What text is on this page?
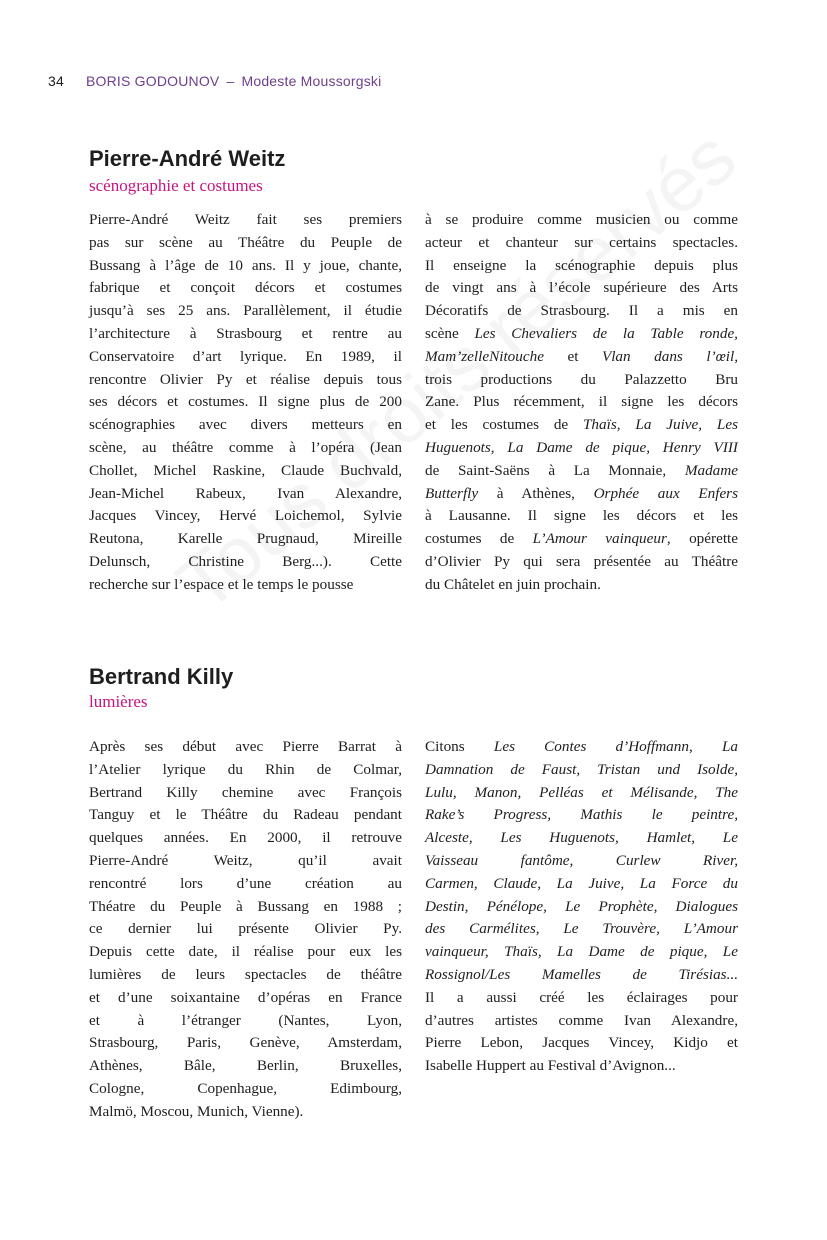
34 BORIS GODOUNOV – Modeste Moussorgski
Pierre-André Weitz
scénographie et costumes
Pierre-André Weitz fait ses premiers
pas sur scène au Théâtre du Peuple de
Bussang à l’âge de 10 ans. Il y joue, chante,
fabrique et conçoit décors et costumes
jusqu’à ses 25 ans. Parallèlement, il étudie
l’architecture à Strasbourg et rentre au
Conservatoire d’art lyrique. En 1989, il
rencontre Olivier Py et réalise depuis tous
ses décors et costumes. Il signe plus de 200
scénographies avec divers metteurs en
scène, au théâtre comme à l’opéra (Jean
Chollet, Michel Raskine, Claude Buchvald,
Jean-Michel Rabeux, Ivan Alexandre,
Jacques Vincey, Hervé Loichemol, Sylvie
Reutona, Karelle Prugnaud, Mireille
Delunsch, Christine Berg...). Cette
recherche sur l’espace et le temps le pousse
à se produire comme musicien ou comme
acteur et chanteur sur certains spectacles.
Il enseigne la scénographie depuis plus
de vingt ans à l’école supérieure des Arts
Décoratifs de Strasbourg. Il a mis en
scène Les Chevaliers de la Table ronde,
Mam’zelleNitouche et Vlan dans l’œil,
trois productions du Palazzetto Bru
Zane. Plus récemment, il signe les décors
et les costumes de Thaïs, La Juive, Les
Huguenots, La Dame de pique, Henry VIII
de Saint-Saëns à La Monnaie, Madame
Butterfly à Athènes, Orphée aux Enfers
à Lausanne. Il signe les décors et les
costumes de L’Amour vainqueur, opérette
d’Olivier Py qui sera présentée au Théâtre
du Châtelet en juin prochain.
Bertrand Killy
lumières
Après ses début avec Pierre Barrat à
l’Atelier lyrique du Rhin de Colmar,
Bertrand Killy chemine avec François
Tanguy et le Théâtre du Radeau pendant
quelques années. En 2000, il retrouve
Pierre-André Weitz, qu’il avait
rencontré lors d’une création au
Théatre du Peuple à Bussang en 1988 ;
ce dernier lui présente Olivier Py.
Depuis cette date, il réalise pour eux les
lumières de leurs spectacles de théâtre
et d’une soixantaine d’opéras en France
et à l’étranger (Nantes, Lyon,
Strasbourg, Paris, Genève, Amsterdam,
Athènes, Bâle, Berlin, Bruxelles,
Cologne, Copenhague, Edimbourg,
Malmö, Moscou, Munich, Vienne).
Citons Les Contes d’Hoffmann, La
Damnation de Faust, Tristan und Isolde,
Lulu, Manon, Pelléas et Mélisande, The
Rake’s Progress, Mathis le peintre,
Alceste, Les Huguenots, Hamlet, Le
Vaisseau fantôme, Curlew River,
Carmen, Claude, La Juive, La Force du
Destin, Pénélope, Le Prophète, Dialogues
des Carmélites, Le Trouvère, L’Amour
vainqueur, Thaïs, La Dame de pique, Le
Rossignol/Les Mamelles de Tirésias...
Il a aussi créé les éclairages pour
d’autres artistes comme Ivan Alexandre,
Pierre Lebon, Jacques Vincey, Kidjo et
Isabelle Huppert au Festival d’Avignon...
